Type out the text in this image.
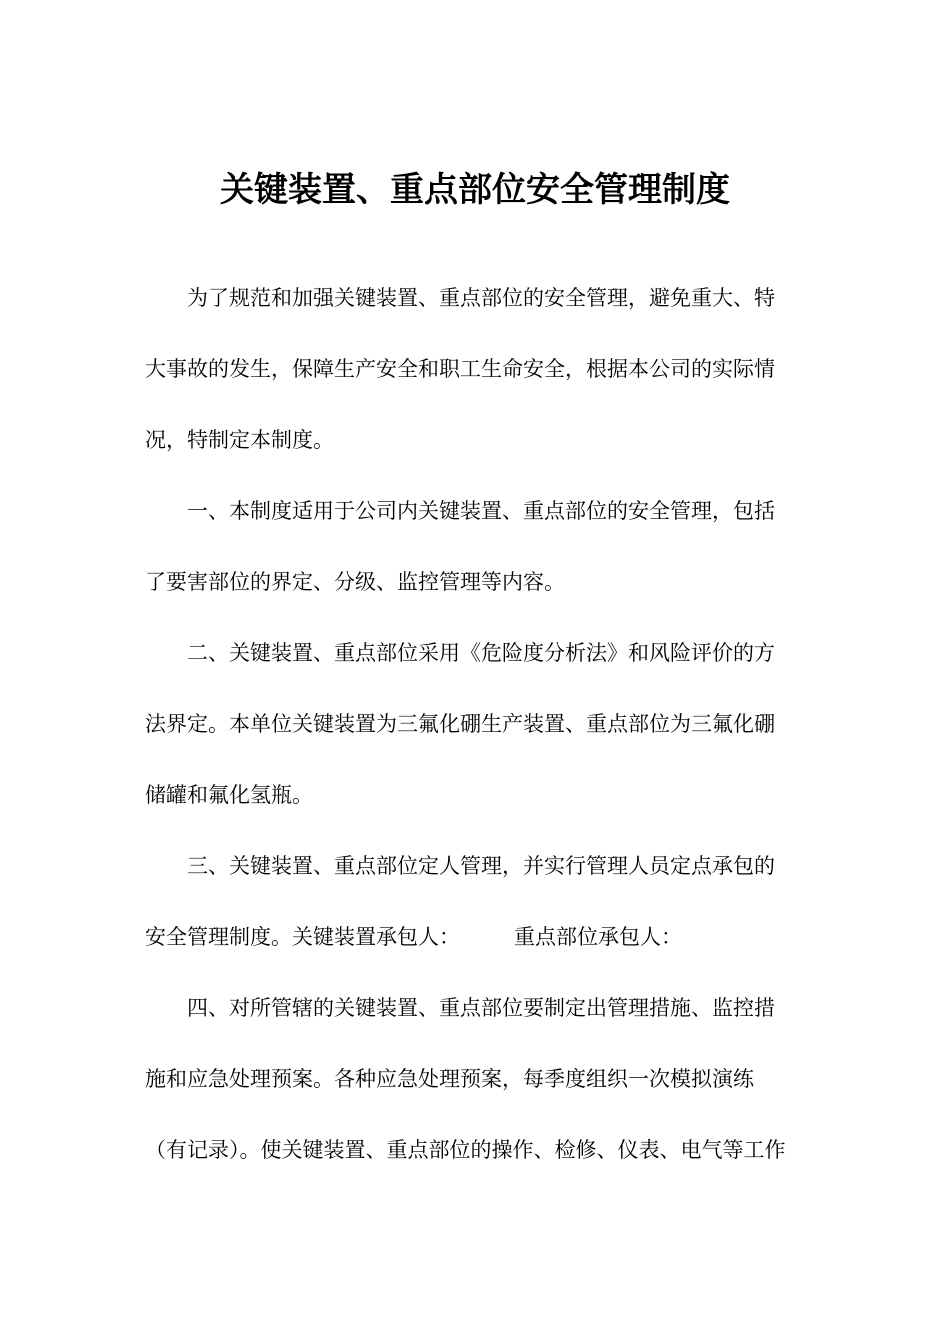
关键装置、重点部位安全管理制度
为了规范和加强关键装置、重点部位的安全管理，避免重大、特
大事故的发生，保障生产安全和职工生命安全，根据本公司的实际情
况，特制定本制度。
一、本制度适用于公司内关键装置、重点部位的安全管理，包括
了要害部位的界定、分级、监控管理等内容。
二、关键装置、重点部位采用《危险度分析法》和风险评价的方
法界定。本单位关键装置为三氟化硼生产装置、重点部位为三氟化硼
储罐和氟化氢瓶。
三、关键装置、重点部位定人管理，并实行管理人员定点承包的
安全管理制度。关键装置承包人：	重点部位承包人：
四、对所管辖的关键装置、重点部位要制定出管理措施、监控措
施和应急处理预案。各种应急处理预案，每季度组织一次模拟演练
（有记录）。使关键装置、重点部位的操作、检修、仪表、电气等工作
